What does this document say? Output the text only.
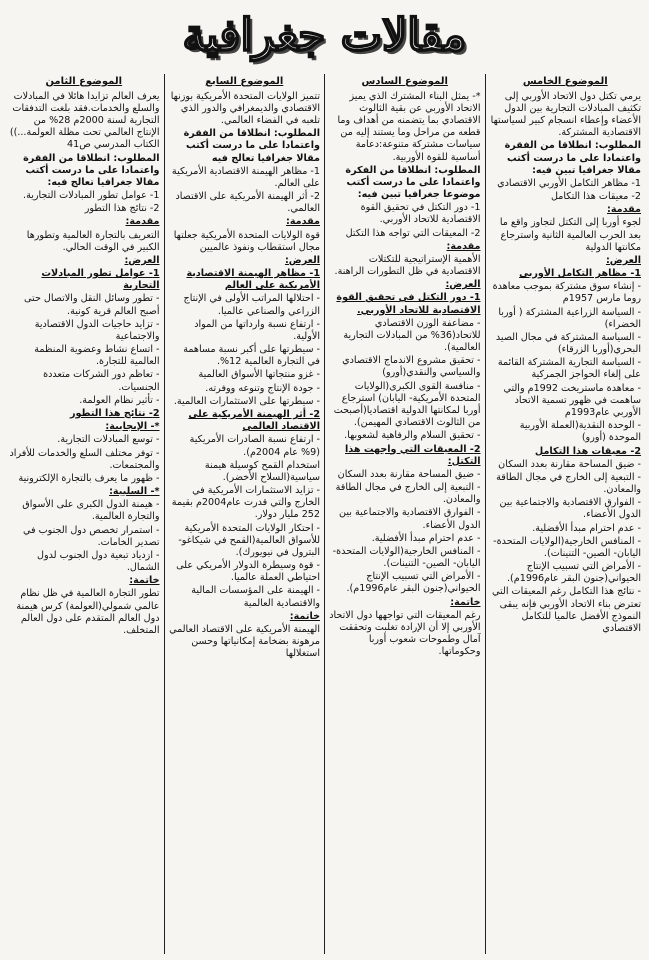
مقالات جغرافية
الموضوع الخامس
يرمي تكتل دول الاتحاد الأوربي إلى تكثيف المبادلات التجارية بين الدول الأعضاء وإعطاء انسجام كبير لسياستها الاقتصادية المشتركة.
المطلوب: انطلاقا من الفقرة واعتمادا على ما درست أكتب مقالا جغرافيا تبين فيه:
1- مظاهر التكامل الأوربي الاقتصادي
2- معيقات هذا التكامل
مقدمة:
لجوء أوربا إلى التكتل لتجاوز واقع ما بعد الحرب العالمية الثانية واسترجاع مكانتها الدولية
العرض:
1- مظاهر التكامل الأوربي
- إنشاء سوق مشتركة بموجب معاهدة روما مارس 1957م
- السياسة الزراعية المشتركة ( أوربا الخضراء)
- السياسة المشتركة في مجال الصيد البحري(أوربا الزرقاء)
- السياسة التجارية المشتركة القائمة على إلغاء الحواجز الجمركية
- معاهدة ماستريخت 1992م والتي ساهمت في ظهور تسمية الاتحاد الأوربي عام1993م
- الوحدة النقدية(العملة الأوربية الموحدة (أورو)
2- معيقات هذا التكامل
- ضيق المساحة مقارنة بعدد السكان
- التبعية إلى الخارج في مجال الطاقة والمعادن.
- الفوارق الاقتصادية والاجتماعية بين الدول الأعضاء.
- عدم احترام مبدأ الأفضلية.
- المنافس الخارجية(الولايات المتحدة- اليابان- الصين- التنينات).
- الأمراض التي تسبيب الإنتاج الحيواني(جنون البقر عام1996م).
- نتائج هذا التكامل رغم المعيقات التي تعترض بناء الاتحاد الأوربي فإنه يبقى النموذج الأفضل عالميا للتكامل الاقتصادي
الموضوع السادس
*- يمثل البناء المشترك الذي يميز الاتحاد الأوربي عن بقية الثالوث الاقتصادي بما يتضمنه من أهداف وما قطعه من مراحل وما يستند إليه من سياسات مشتركة متنوعة:دعامة أساسية للقوة الأوربية.
المطلوب: انطلاقا من الفكرة واعتمادا على ما درست أكتب موضوعا جغرافيا تبين فيه:
1- دور التكتل في تحقيق القوة الاقتصادية للاتحاد الأوربي.
2- المعيقات التي تواجه هذا التكتل
مقدمة:
الأهمية الإستراتيجية للتكتلات الاقتصادية في ظل التطورات الراهنة.
العرض:
1- دور التكتل في تحقيق القوة الاقتصادية للاتحاد الأوربي.
- مضاعفة الوزن الاقتصادي للاتحاد(36% من المبادلات التجارية العالمية).
- تحقيق مشروع الاندماج الاقتصادي والسياسي والنقدي(أورو)
- منافسة القوى الكبرى(الولايات المتحدة الأمريكية- اليابان) استرجاع أوربا لمكانتها الدولية اقتصاديا(أصبحت من الثالوث الاقتصادي المهيمن).
- تحقيق السلام والرفاهية لشعوبها.
2- المعيقات التي واجهت هذا التكتل:
- ضيق المساحة مقارنة بعدد السكان
- التبعية إلى الخارج في مجال الطاقة والمعادن.
- الفوارق الاقتصادية والاجتماعية بين الدول الأعضاء.
- عدم احترام مبدأ الأفضلية.
- المنافس الخارجية(الولايات المتحدة- اليابان- الصين- التنينات).
- الأمراض التي تسبيب الإنتاج الحيواني(جنون البقر عام1996م).
خاتمة:
رغم المعيقات التي تواجهها دول الاتحاد الأوربي إلا أن الإرادة تغلبت وتحققت آمال وطموحات شعوب أوربا وحكوماتها.
الموضوع السابع
تتميز الولايات المتحدة الأمريكية بوزنها الاقتصادي والديمغرافي والدور الذي تلعبه في الفضاء العالمي.
المطلوب: انطلاقا من الفقرة واعتمادا على ما درست أكتب مقالا جغرافيا تعالج فيه
1- مظاهر الهيمنة الاقتصادية الأمريكية على العالم.
2- أثر الهيمنة الأمريكية على الاقتصاد العالمي.
مقدمة:
قوة الولايات المتحدة الأمريكية جعلتها مجال استقطاب ونفوذ عالميين
العرض:
1- مظاهر الهيمنة الاقتصادية الأمريكية على العالم
- احتلالها المراتب الأولى في الإنتاج الزراعي والصناعي عالميا.
- ارتفاع نسبة وارداتها من المواد الأولية.
- سيطرتها على أكبر نسبة مساهمة في التجارة العالمية 12%.
- غزو منتجاتها الأسواق العالمية
- جودة الإنتاج وتنوعه ووفرته.
- سيطرتها على الاستثمارات العالمية.
2- أثر الهيمنة الأمريكية على الاقتصاد العالمي
- ارتفاع نسبة الصادرات الأمريكية (9% عام 2004م).
استخدام القمح كوسيلة هيمنة سياسية(السلاح الأخضر).
- تزايد الاستثمارات الأمريكية في الخارج والتي قدرت عام2004م بقيمة 252 مليار دولار.
- احتكار الولايات المتحدة الأمريكية للأسواق العالمية(القمح في شيكاغو- البترول في نيويورك).
- قوة وسيطرة الدولار الأمريكي على احتياطي العملة عالميا.
- الهيمنة على المؤسسات المالية والاقتصادية العالمية
خاتمة:
الهيمنة الأمريكية على الاقتصاد العالمي مرهونة بضخامة إمكانياتها وحسن استغلالها
الموضوع الثامن
يعرف العالم تزايدا هائلا في المبادلات والسلع والخدمات.فقد بلغت التدفقات التجارية لسنة 2000م 28% من الإنتاج العالمي تحت مظلة العولمة...)) الكتاب المدرسي ص41
المطلوب: انطلاقا من الفقرة واعتمادا على ما درست أكتب مقالا جغرافيا تعالج فيه:
1- عوامل تطور المبادلات التجارية.
2- نتائج هذا التطور
مقدمة:
التعريف بالتجارة العالمية وتطورها الكبير في الوقت الحالي.
العرض:
1- عوامل تطور المبادلات التجارية
- تطور وسائل النقل والاتصال حتى أصبح العالم قرية كونية.
- تزايد حاجيات الدول الاقتصادية والاجتماعية
- اتساع نشاط وعضوية المنظمة العالمية للتجارة.
- تعاظم دور الشركات متعددة الجنسيات.
- تأثير نظام العولمة.
2- نتائج هذا التطور
*- الإيجابية:
- توسع المبادلات التجارية.
- توفر مختلف السلع والخدمات للأفراد والمجتمعات.
- ظهور ما يعرف بالتجارة الإلكترونية
*- السلبية:
- هيمنة الدول الكبرى على الأسواق والتجارة العالمية.
- استمرار تخصص دول الجنوب في تصدير الخامات.
- ازدياد تبعية دول الجنوب لدول الشمال.
خاتمة:
تطور التجارة العالمية في ظل نظام عالمي شمولي(العولمة) كرس هيمنة دول العالم المتقدم على دول العالم المتخلف.
